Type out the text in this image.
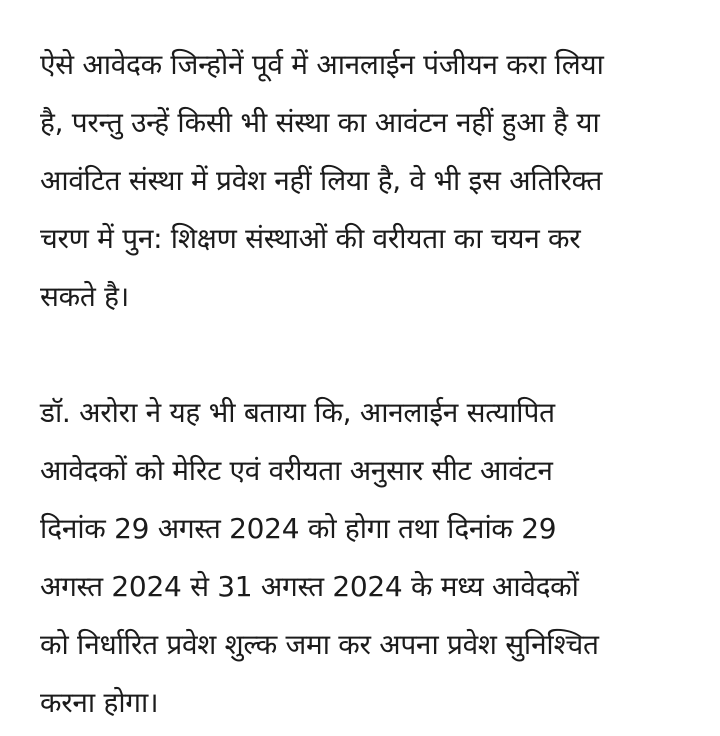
ऐसे आवेदक जिन्होनें पूर्व में आनलाईन पंजीयन करा लिया
है, परन्तु उन्हें किसी भी संस्था का आवंटन नहीं हुआ है या
आवंटित संस्था में प्रवेश नहीं लिया है, वे भी इस अतिरिक्त
चरण में पुन: शिक्षण संस्थाओं की वरीयता का चयन कर
सकते है।

डॉ. अरोरा ने यह भी बताया कि, आनलाईन सत्यापित
आवेदकों को मेरिट एवं वरीयता अनुसार सीट आवंटन
दिनांक 29 अगस्त 2024 को होगा तथा दिनांक 29
अगस्त 2024 से 31 अगस्त 2024 के मध्य आवेदकों
को निर्धारित प्रवेश शुल्क जमा कर अपना प्रवेश सुनिश्चित
करना होगा।
